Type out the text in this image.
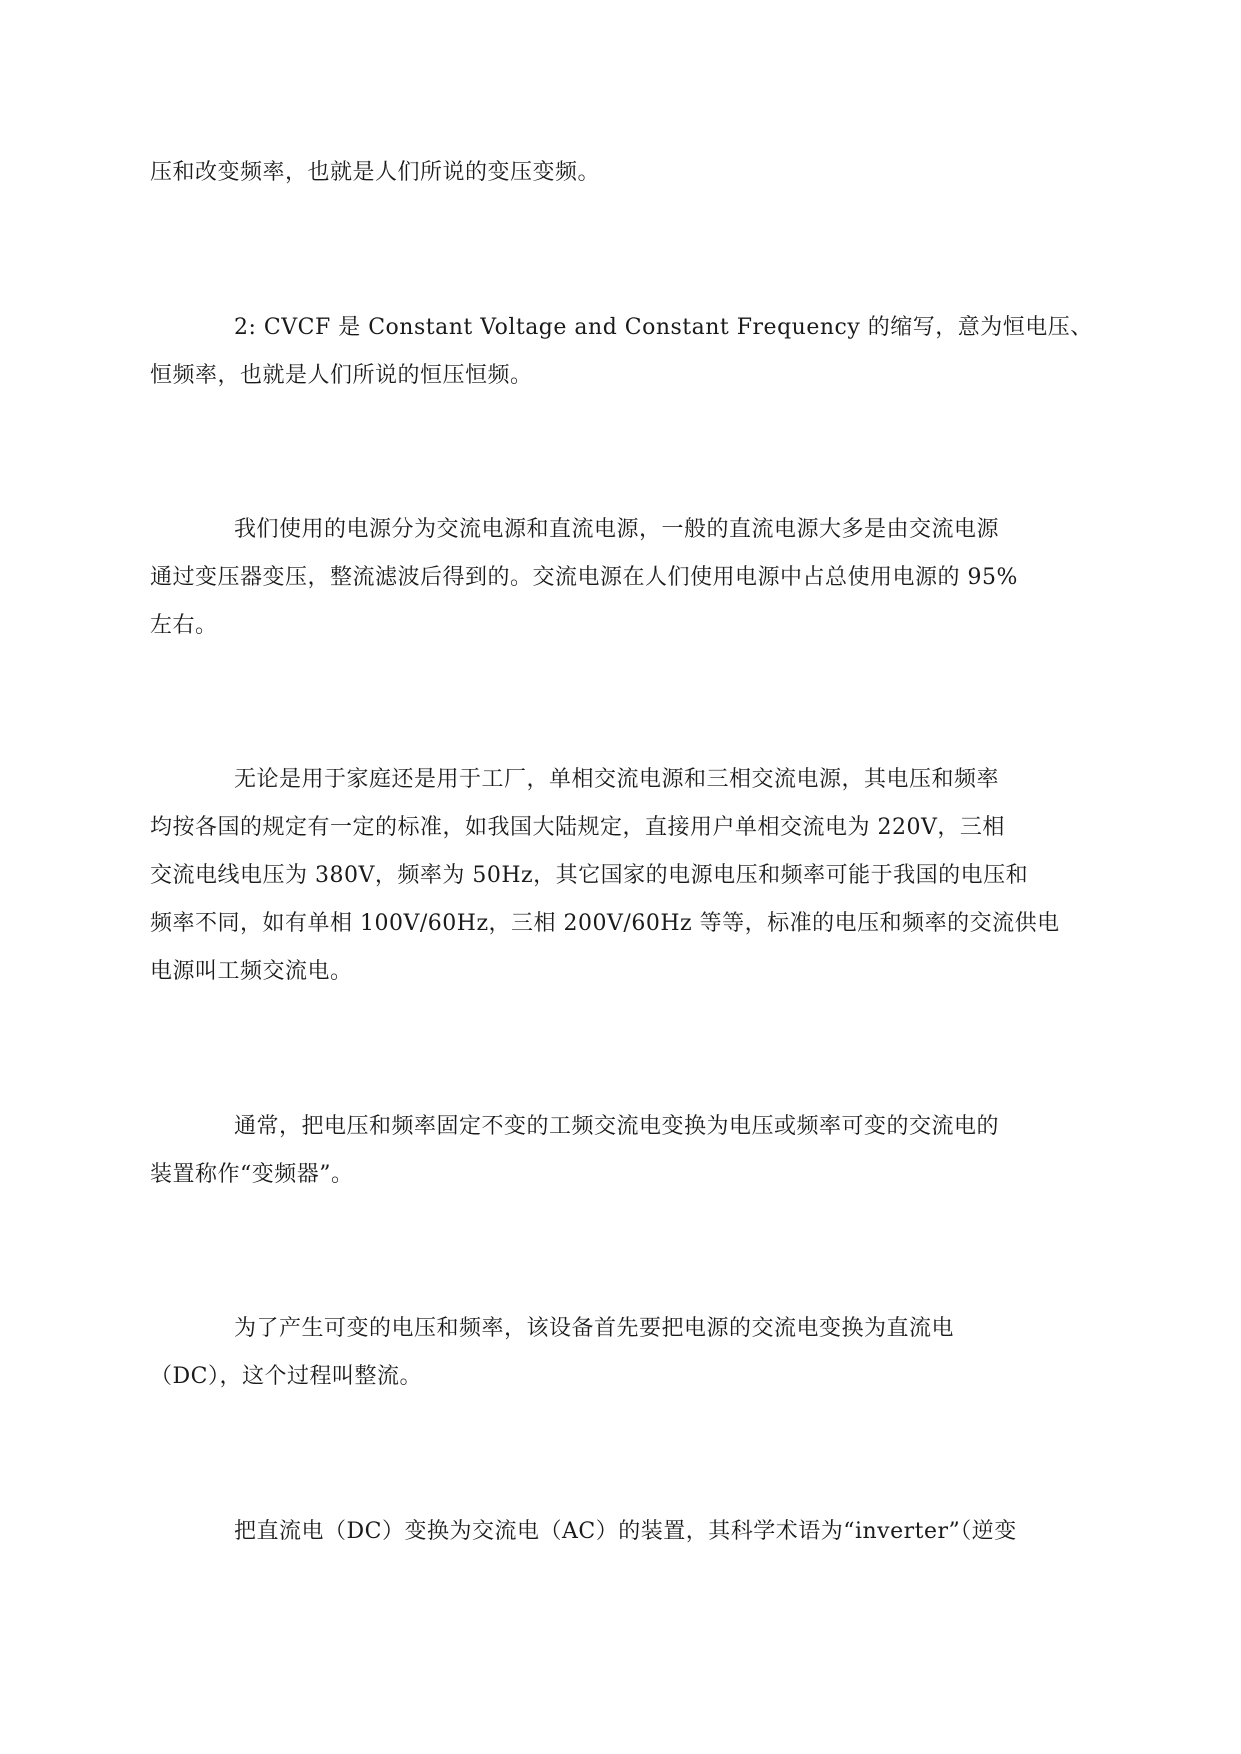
压和改变频率，也就是人们所说的变压变频。
2: CVCF 是 Constant Voltage and Constant Frequency 的缩写，意为恒电压、
恒频率，也就是人们所说的恒压恒频。
我们使用的电源分为交流电源和直流电源，一般的直流电源大多是由交流电源
通过变压器变压，整流滤波后得到的。交流电源在人们使用电源中占总使用电源的 95%
左右。
无论是用于家庭还是用于工厂，单相交流电源和三相交流电源，其电压和频率
均按各国的规定有一定的标准，如我国大陆规定，直接用户单相交流电为 220V，三相
交流电线电压为 380V，频率为 50Hz，其它国家的电源电压和频率可能于我国的电压和
频率不同，如有单相 100V/60Hz，三相 200V/60Hz 等等，标准的电压和频率的交流供电
电源叫工频交流电。
通常，把电压和频率固定不变的工频交流电变换为电压或频率可变的交流电的
装置称作“变频器”。
为了产生可变的电压和频率，该设备首先要把电源的交流电变换为直流电
（DC），这个过程叫整流。
把直流电（DC）变换为交流电（AC）的装置，其科学术语为“inverter”（逆变
